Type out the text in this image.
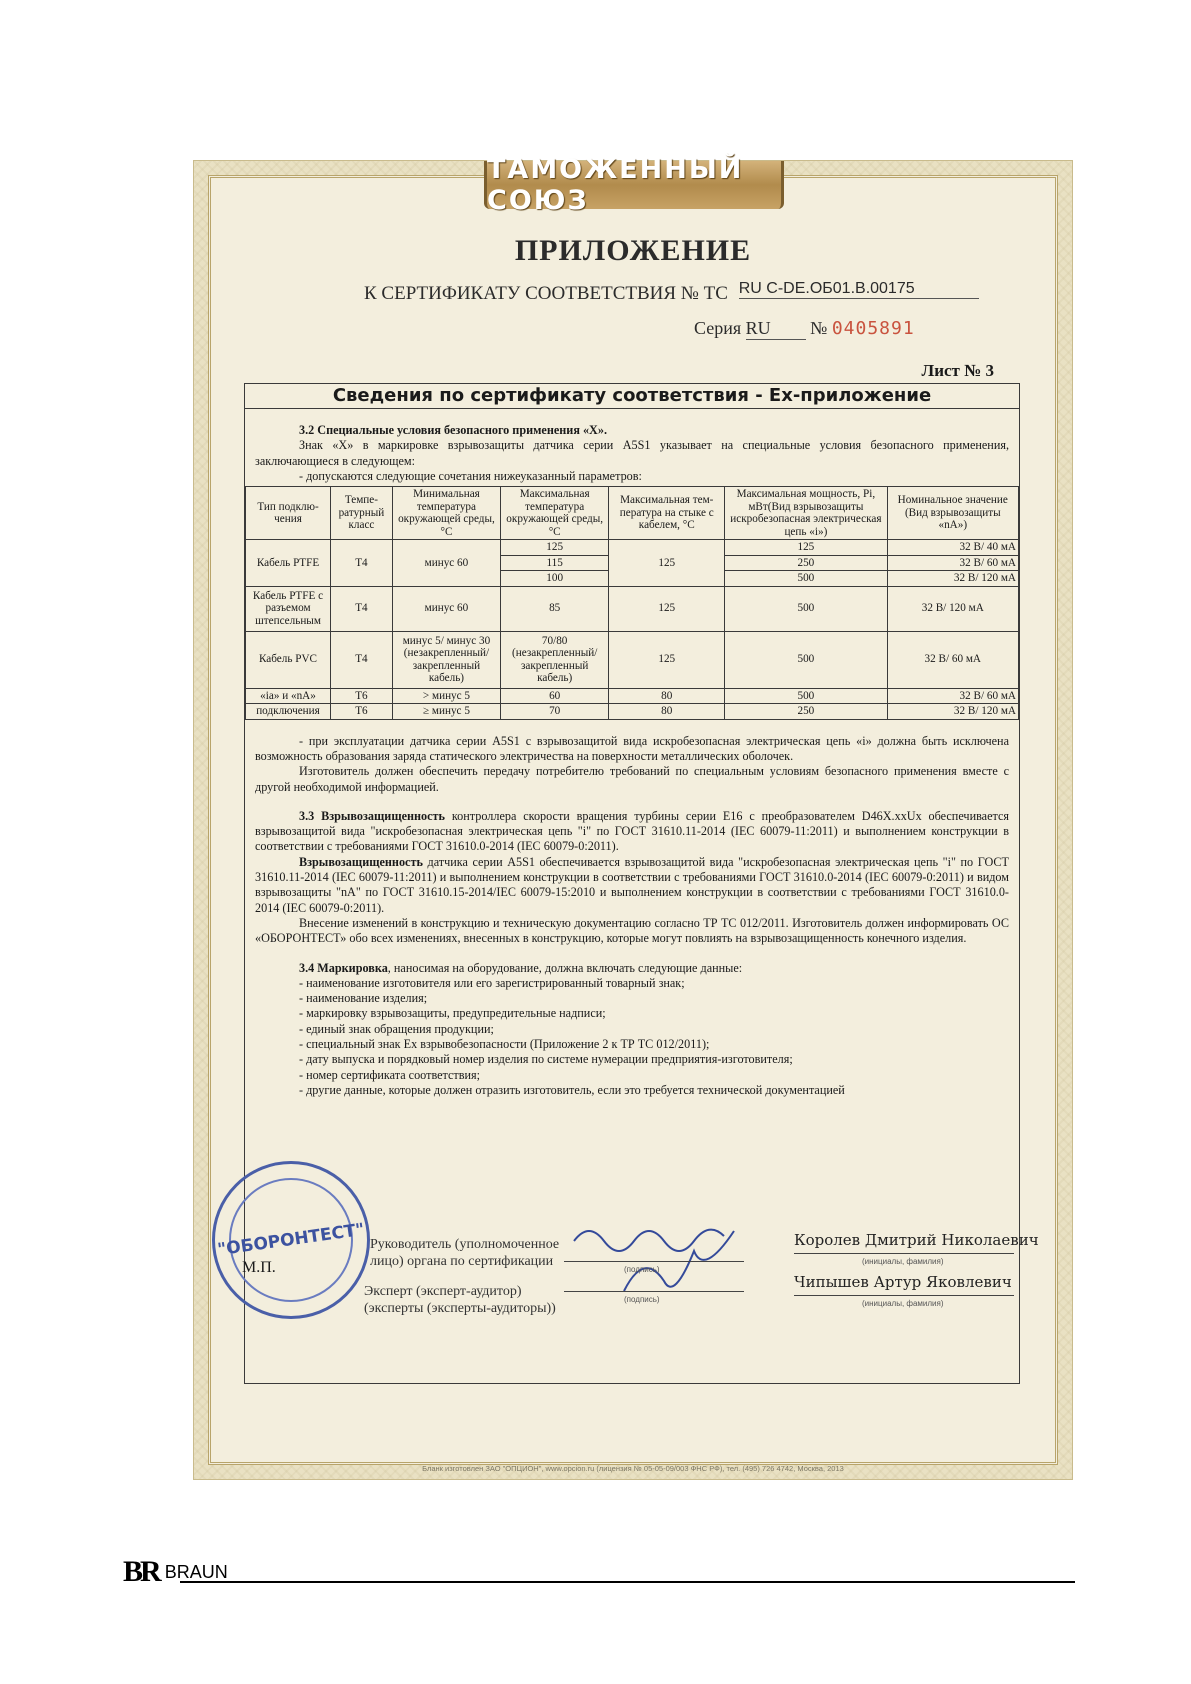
ТАМОЖЕННЫЙ СОЮЗ
ПРИЛОЖЕНИЕ
К СЕРТИФИКАТУ СООТВЕТСТВИЯ № ТС RU C-DE.ОБ01.В.00175
Серия RU № 0405891
Лист № 3
Сведения по сертификату соответствия - Ex-приложение

3.2 Специальные условия безопасного применения «Х».

Знак «Х» в маркировке взрывозащиты датчика серии A5S1 указывает на специальные условия безопасного применения, заключающиеся в следующем:

- допускаются следующие сочетания нижеуказанный параметров:

Тип подклю-чения	Темпе-ратурный класс	Минимальная температура окружающей среды, °С	Максимальная температура окружающей среды, °С	Максимальная тем-пература на стыке с кабелем, °С	Максимальная мощность, Pi, мВт(Вид взрывозащиты искробезопасная электрическая цепь «i»)	Номинальное значение (Вид взрывозащиты «nA»)
Кабель PTFE	T4	минус 60	125	125	125	32 В/ 40 мА
			115		250	32 В/ 60 мА
			100		500	32 В/ 120 мА
Кабель PTFE с разъемом штепсельным	T4	минус 60	85	125	500	32 В/ 120 мА
Кабель PVC	T4	минус 5/ минус 30 (незакрепленный/ закрепленный кабель)	70/80 (незакрепленный/ закрепленный кабель)	125	500	32 В/ 60 мА
«ia» и «nA»	T6	> минус 5	60	80	500	32 В/ 60 мА
подключения	T6	≥ минус 5	70	80	250	32 В/ 120 мА

- при эксплуатации датчика серии A5S1 с взрывозащитой вида искробезопасная электрическая цепь «i» должна быть исключена возможность образования заряда статического электричества на поверхности металлических оболочек.

Изготовитель должен обеспечить передачу потребителю требований по специальным условиям безопасного применения вместе с другой необходимой информацией.

3.3 Взрывозащищенность контроллера скорости вращения турбины серии Е16 с преобразователем D46X.xxUx обеспечивается взрывозащитой вида "искробезопасная электрическая цепь "i" по ГОСТ 31610.11-2014 (IEC 60079-11:2011) и выполнением конструкции в соответствии с требованиями ГОСТ 31610.0-2014 (IEC 60079-0:2011).

Взрывозащищенность датчика серии A5S1 обеспечивается взрывозащитой вида "искробезопасная электрическая цепь "i" по ГОСТ 31610.11-2014 (IEC 60079-11:2011) и выполнением конструкции в соответствии с требованиями ГОСТ 31610.0-2014 (IEC 60079-0:2011) и видом взрывозащиты "nA" по ГОСТ 31610.15-2014/IEC 60079-15:2010 и выполнением конструкции в соответствии с требованиями ГОСТ 31610.0-2014 (IEC 60079-0:2011).

Внесение изменений в конструкцию и техническую документацию согласно ТР ТС 012/2011. Изготовитель должен информировать ОС «ОБОРОНТЕСТ» обо всех изменениях, внесенных в конструкцию, которые могут повлиять на взрывозащищенность конечного изделия.

3.4 Маркировка, наносимая на оборудование, должна включать следующие данные:

- наименование изготовителя или его зарегистрированный товарный знак;

- наименование изделия;

- маркировку взрывозащиты, предупредительные надписи;

- единый знак обращения продукции;

- специальный знак Ех взрывобезопасности (Приложение 2 к ТР ТС 012/2011);

- дату выпуска и порядковый номер изделия по системе нумерации предприятия-изготовителя;

- номер сертификата соответствия;

- другие данные, которые должен отразить изготовитель, если это требуется технической документацией

"ОБОРОНТЕСТ"
М.П.
Руководитель (уполномоченное
лицо) органа по сертификации
Эксперт (эксперт-аудитор)
(эксперты (эксперты-аудиторы))
(подпись)
(подпись)
Королев Дмитрий Николаевич
(инициалы, фамилия)
Чипышев Артур Яковлевич
(инициалы, фамилия)
Бланк изготовлен ЗАО "ОПЦИОН", www.opcion.ru (лицензия № 05-05-09/003 ФНС РФ), тел. (495) 726 4742, Москва, 2013
BR BRAUN
